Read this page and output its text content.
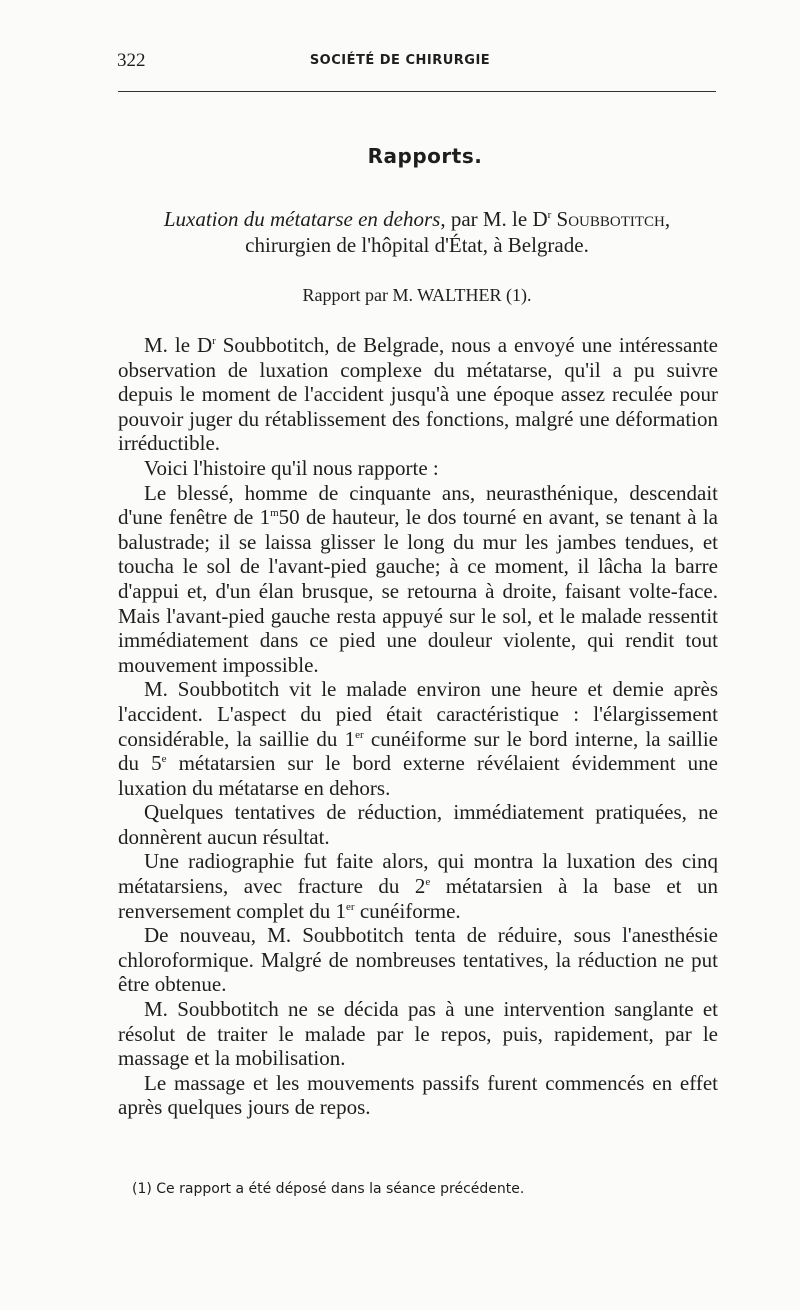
322	SOCIÉTÉ DE CHIRURGIE
Rapports.
Luxation du métatarse en dehors, par M. le $D^r$ Soubbotitch,
chirurgien de l'hôpital d'État, à Belgrade.
Rapport par M. WALTHER (1).

M. le $D^r$ Soubbotitch, de Belgrade, nous a envoyé une intéressante observation de luxation complexe du métatarse, qu'il a pu suivre depuis le moment de l'accident jusqu'à une époque assez reculée pour pouvoir juger du rétablissement des fonctions, malgré une déformation irréductible.

Voici l'histoire qu'il nous rapporte :

Le blessé, homme de cinquante ans, neurasthénique, descendait d'une fenêtre de 1$^m$50 de hauteur, le dos tourné en avant, se tenant à la balustrade; il se laissa glisser le long du mur les jambes tendues, et toucha le sol de l'avant-pied gauche; à ce moment, il lâcha la barre d'appui et, d'un élan brusque, se retourna à droite, faisant volte-face. Mais l'avant-pied gauche resta appuyé sur le sol, et le malade ressentit immédiatement dans ce pied une douleur violente, qui rendit tout mouvement impossible.

M. Soubbotitch vit le malade environ une heure et demie après l'accident. L'aspect du pied était caractéristique : l'élargissement considérable, la saillie du 1er cunéiforme sur le bord interne, la saillie du 5e métatarsien sur le bord externe révélaient évidemment une luxation du métatarse en dehors.

Quelques tentatives de réduction, immédiatement pratiquées, ne donnèrent aucun résultat.

Une radiographie fut faite alors, qui montra la luxation des cinq métatarsiens, avec fracture du 2e métatarsien à la base et un renversement complet du 1er cunéiforme.

De nouveau, M. Soubbotitch tenta de réduire, sous l'anesthésie chloroformique. Malgré de nombreuses tentatives, la réduction ne put être obtenue.

M. Soubbotitch ne se décida pas à une intervention sanglante et résolut de traiter le malade par le repos, puis, rapidement, par le massage et la mobilisation.

Le massage et les mouvements passifs furent commencés en effet après quelques jours de repos.

(1) Ce rapport a été déposé dans la séance précédente.
